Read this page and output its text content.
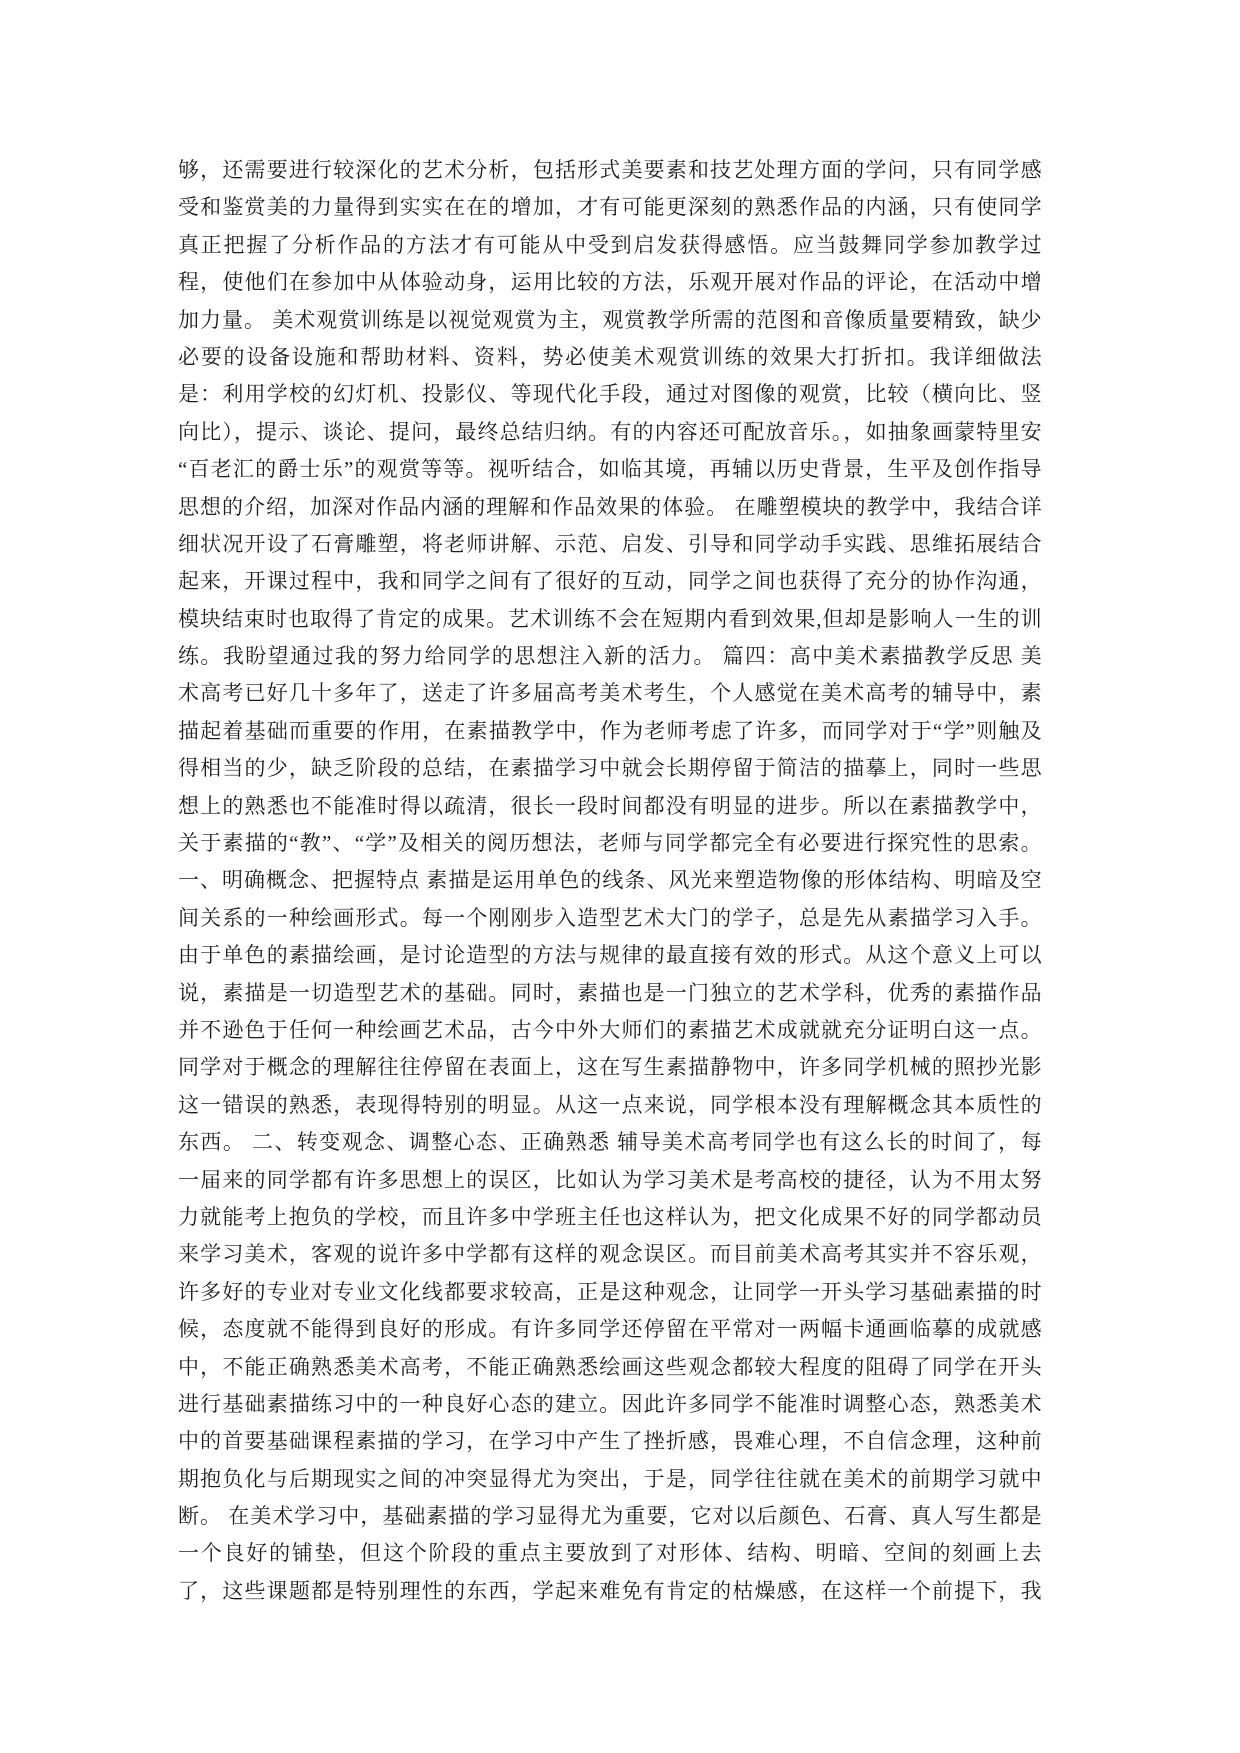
够，还需要进行较深化的艺术分析，包括形式美要素和技艺处理方面的学问，只有同学感
受和鉴赏美的力量得到实实在在的增加，才有可能更深刻的熟悉作品的内涵，只有使同学
真正把握了分析作品的方法才有可能从中受到启发获得感悟。应当鼓舞同学参加教学过
程，使他们在参加中从体验动身，运用比较的方法，乐观开展对作品的评论，在活动中增
加力量。 美术观赏训练是以视觉观赏为主，观赏教学所需的范图和音像质量要精致，缺少
必要的设备设施和帮助材料、资料，势必使美术观赏训练的效果大打折扣。我详细做法
是：利用学校的幻灯机、投影仪、等现代化手段，通过对图像的观赏，比较（横向比、竖
向比），提示、谈论、提问，最终总结归纳。有的内容还可配放音乐。，如抽象画蒙特里安
“百老汇的爵士乐”的观赏等等。视听结合，如临其境，再辅以历史背景，生平及创作指导
思想的介绍，加深对作品内涵的理解和作品效果的体验。 在雕塑模块的教学中，我结合详
细状况开设了石膏雕塑，将老师讲解、示范、启发、引导和同学动手实践、思维拓展结合
起来，开课过程中，我和同学之间有了很好的互动，同学之间也获得了充分的协作沟通，
模块结束时也取得了肯定的成果。艺术训练不会在短期内看到效果,但却是影响人一生的训
练。我盼望通过我的努力给同学的思想注入新的活力。 篇四：高中美术素描教学反思 美
术高考已好几十多年了，送走了许多届高考美术考生，个人感觉在美术高考的辅导中，素
描起着基础而重要的作用，在素描教学中，作为老师考虑了许多，而同学对于“学”则触及
得相当的少，缺乏阶段的总结，在素描学习中就会长期停留于简洁的描摹上，同时一些思
想上的熟悉也不能准时得以疏清，很长一段时间都没有明显的进步。所以在素描教学中，
关于素描的“教”、“学”及相关的阅历想法，老师与同学都完全有必要进行探究性的思索。
一、明确概念、把握特点 素描是运用单色的线条、风光来塑造物像的形体结构、明暗及空
间关系的一种绘画形式。每一个刚刚步入造型艺术大门的学子，总是先从素描学习入手。
由于单色的素描绘画，是讨论造型的方法与规律的最直接有效的形式。从这个意义上可以
说，素描是一切造型艺术的基础。同时，素描也是一门独立的艺术学科，优秀的素描作品
并不逊色于任何一种绘画艺术品，古今中外大师们的素描艺术成就就充分证明白这一点。
同学对于概念的理解往往停留在表面上，这在写生素描静物中，许多同学机械的照抄光影
这一错误的熟悉，表现得特别的明显。从这一点来说，同学根本没有理解概念其本质性的
东西。 二、转变观念、调整心态、正确熟悉 辅导美术高考同学也有这么长的时间了，每
一届来的同学都有许多思想上的误区，比如认为学习美术是考高校的捷径，认为不用太努
力就能考上抱负的学校，而且许多中学班主任也这样认为，把文化成果不好的同学都动员
来学习美术，客观的说许多中学都有这样的观念误区。而目前美术高考其实并不容乐观，
许多好的专业对专业文化线都要求较高，正是这种观念，让同学一开头学习基础素描的时
候，态度就不能得到良好的形成。有许多同学还停留在平常对一两幅卡通画临摹的成就感
中，不能正确熟悉美术高考，不能正确熟悉绘画这些观念都较大程度的阻碍了同学在开头
进行基础素描练习中的一种良好心态的建立。因此许多同学不能准时调整心态，熟悉美术
中的首要基础课程素描的学习，在学习中产生了挫折感，畏难心理，不自信念理，这种前
期抱负化与后期现实之间的冲突显得尤为突出，于是，同学往往就在美术的前期学习就中
断。 在美术学习中，基础素描的学习显得尤为重要，它对以后颜色、石膏、真人写生都是
一个良好的铺垫，但这个阶段的重点主要放到了对形体、结构、明暗、空间的刻画上去
了，这些课题都是特别理性的东西，学起来难免有肯定的枯燥感，在这样一个前提下，我
